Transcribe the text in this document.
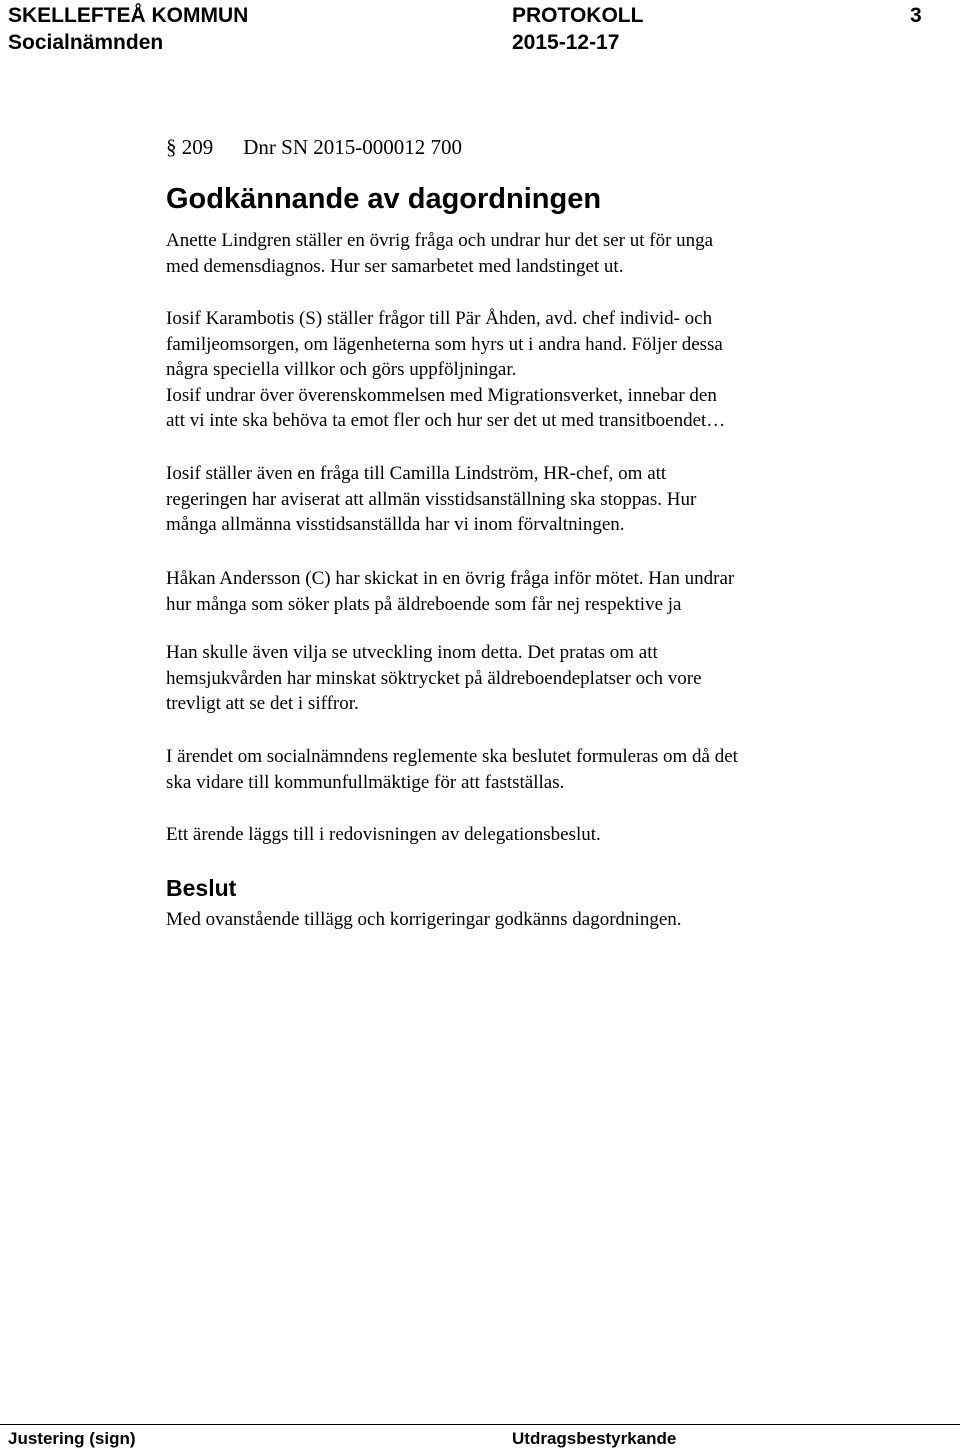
SKELLEFTEÅ KOMMUN
Socialnämnden
PROTOKOLL
2015-12-17
3
§ 209 Dnr SN 2015-000012 700
Godkännande av dagordningen

Anette Lindgren ställer en övrig fråga och undrar hur det ser ut för unga

med demensdiagnos. Hur ser samarbetet med landstinget ut.

Iosif Karambotis (S) ställer frågor till Pär Åhden, avd. chef individ- och

familjeomsorgen, om lägenheterna som hyrs ut i andra hand. Följer dessa

några speciella villkor och görs uppföljningar.

Iosif undrar över överenskommelsen med Migrationsverket, innebar den

att vi inte ska behöva ta emot fler och hur ser det ut med transitboendet…

Iosif ställer även en fråga till Camilla Lindström, HR-chef, om att

regeringen har aviserat att allmän visstidsanställning ska stoppas. Hur

många allmänna visstidsanställda har vi inom förvaltningen.

Håkan Andersson (C) har skickat in en övrig fråga inför mötet. Han undrar

hur många som söker plats på äldreboende som får nej respektive ja

Han skulle även vilja se utveckling inom detta. Det pratas om att

hemsjukvården har minskat söktrycket på äldreboendeplatser och vore

trevligt att se det i siffror.

I ärendet om socialnämndens reglemente ska beslutet formuleras om då det

ska vidare till kommunfullmäktige för att fastställas.

Ett ärende läggs till i redovisningen av delegationsbeslut.

Beslut

Med ovanstående tillägg och korrigeringar godkänns dagordningen.

Justering (sign)	Utdragsbestyrkande
